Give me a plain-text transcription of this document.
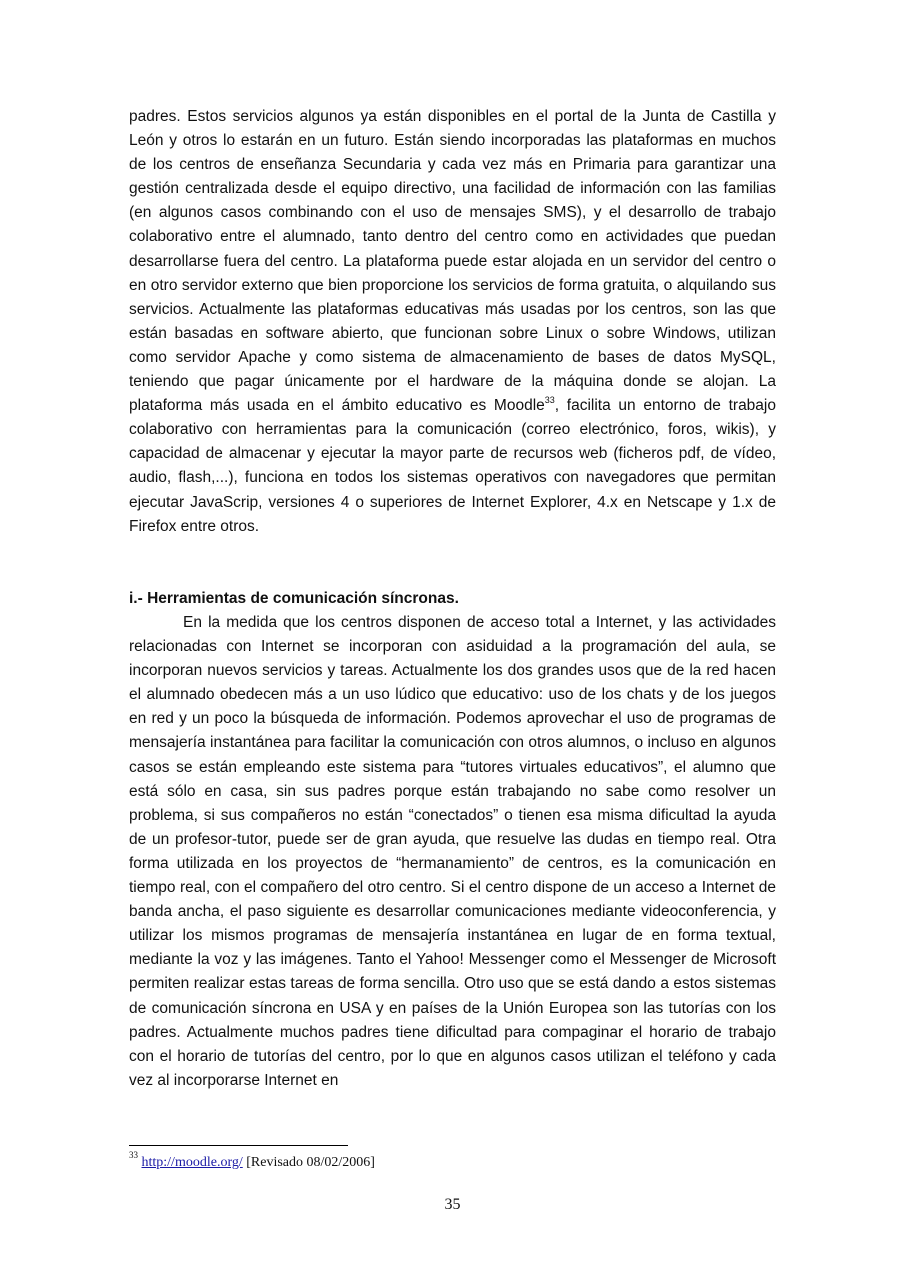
padres. Estos servicios algunos ya están disponibles en el portal de la Junta de Castilla y León y otros lo estarán en un futuro. Están siendo incorporadas las plataformas en muchos de los centros de enseñanza Secundaria y cada vez más en Primaria para garantizar una gestión centralizada desde el equipo directivo, una facilidad de información con las familias (en algunos casos combinando con el uso de mensajes SMS), y el desarrollo de trabajo colaborativo entre el alumnado, tanto dentro del centro como en actividades que puedan desarrollarse fuera del centro. La plataforma puede estar alojada en un servidor del centro o en otro servidor externo que bien proporcione los servicios de forma gratuita, o alquilando sus servicios. Actualmente las plataformas educativas más usadas por los centros, son las que están basadas en software abierto, que funcionan sobre Linux o sobre Windows, utilizan como servidor Apache y como sistema de almacenamiento de bases de datos MySQL, teniendo que pagar únicamente por el hardware de la máquina donde se alojan. La plataforma más usada en el ámbito educativo es Moodle$^{33}$, facilita un entorno de trabajo colaborativo con herramientas para la comunicación (correo electrónico, foros, wikis), y capacidad de almacenar y ejecutar la mayor parte de recursos web (ficheros pdf, de vídeo, audio, flash,...), funciona en todos los sistemas operativos con navegadores que permitan ejecutar JavaScrip, versiones 4 o superiores de Internet Explorer, 4.x en Netscape y 1.x de Firefox entre otros.

i.- Herramientas de comunicación síncronas.

En la medida que los centros disponen de acceso total a Internet, y las actividades relacionadas con Internet se incorporan con asiduidad a la programación del aula, se incorporan nuevos servicios y tareas. Actualmente los dos grandes usos que de la red hacen el alumnado obedecen más a un uso lúdico que educativo: uso de los chats y de los juegos en red y un poco la búsqueda de información. Podemos aprovechar el uso de programas de mensajería instantánea para facilitar la comunicación con otros alumnos, o incluso en algunos casos se están empleando este sistema para “tutores virtuales educativos”, el alumno que está sólo en casa, sin sus padres porque están trabajando no sabe como resolver un problema, si sus compañeros no están “conectados” o tienen esa misma dificultad la ayuda de un profesor-tutor, puede ser de gran ayuda, que resuelve las dudas en tiempo real. Otra forma utilizada en los proyectos de “hermanamiento” de centros, es la comunicación en tiempo real, con el compañero del otro centro. Si el centro dispone de un acceso a Internet de banda ancha, el paso siguiente es desarrollar comunicaciones mediante videoconferencia, y utilizar los mismos programas de mensajería instantánea en lugar de en forma textual, mediante la voz y las imágenes. Tanto el Yahoo! Messenger como el Messenger de Microsoft permiten realizar estas tareas de forma sencilla. Otro uso que se está dando a estos sistemas de comunicación síncrona en USA y en países de la Unión Europea son las tutorías con los padres. Actualmente muchos padres tiene dificultad para compaginar el horario de trabajo con el horario de tutorías del centro, por lo que en algunos casos utilizan el teléfono y cada vez al incorporarse Internet en

$^{33}$ http://moodle.org/ [Revisado 08/02/2006]

35
